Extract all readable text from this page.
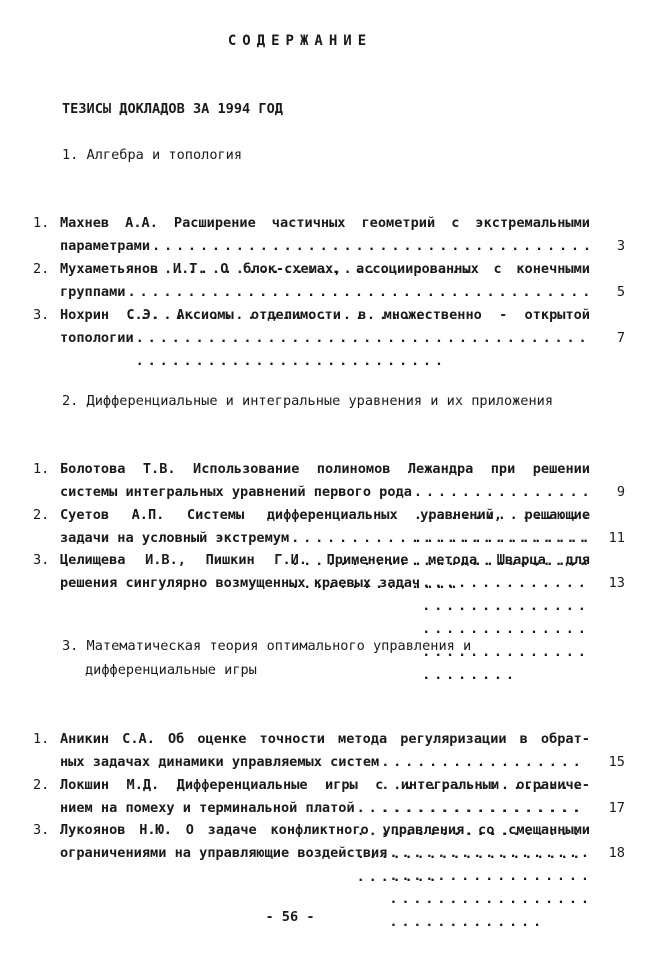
СОДЕРЖАНИЕ
ТЕЗИСЫ ДОКЛАДОВ ЗА 1994 ГОД
1. Алгебра и топология
1. Махнев А.А. Расширение частичных геометрий с экстремальными
параметрами . . .	3
2. Мухаметьянов И.Т. О блок-схемах, ассоциированных с конечными
группами . . .	5
3. Нохрин С.Э. Аксиомы отделимости в множественно - открытой
топологии . . .	7
2. Дифференциальные и интегральные уравнения и их приложения
1. Болотова Т.В. Использование полиномов Лежандра при решении
системы интегральных уравнений первого рода . . .	9
2. Суетов А.П. Системы дифференциальных уравнений, решающие
задачи на условный экстремум . . .	11
3. Целищева И.В., Пишкин Г.И. Применение метода Шварца для
решения сингулярно возмущенных краевых задач . . .	13
3. Математическая теория оптимального управления и
дифференциальные игры
1. Аникин С.А. Об оценке точности метода регуляризации в обрат-
ных задачах динамики управляемых систем . . .	15
2. Локшин М.Д. Дифференциальные игры с интегральным ограниче-
нием на помеху и терминальной платой . . .	17
3. Лукоянов Н.Ю. О задаче конфликтного управления со смешанными
ограничениями на управляющие воздействия . . .	18
- 56 -
